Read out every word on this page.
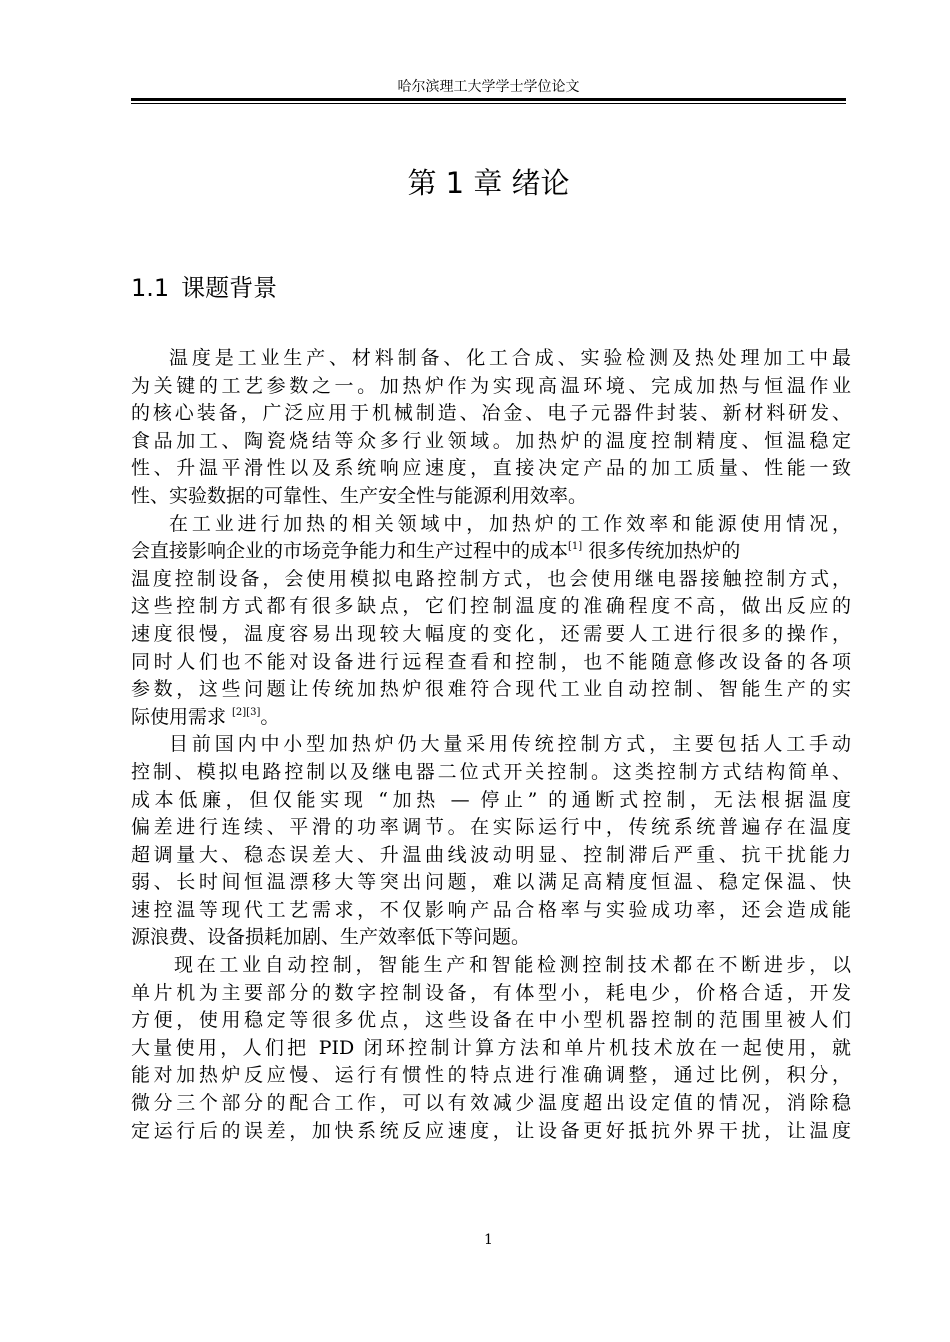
哈尔滨理工大学学士学位论文
第 1 章 绪论
1.1 课题背景
温度是工业生产、材料制备、化工合成、实验检测及热处理加工中最
为关键的工艺参数之一。加热炉作为实现高温环境、完成加热与恒温作业
的核心装备，广泛应用于机械制造、冶金、电子元器件封装、新材料研发、
食品加工、陶瓷烧结等众多行业领域。加热炉的温度控制精度、恒温稳定
性、升温平滑性以及系统响应速度，直接决定产品的加工质量、性能一致
性、实验数据的可靠性、生产安全性与能源利用效率。
在工业进行加热的相关领域中，加热炉的工作效率和能源使用情况，
会直接影响企业的市场竞争能力和生产过程中的成本[1] 很多传统加热炉的
温度控制设备，会使用模拟电路控制方式，也会使用继电器接触控制方式，
这些控制方式都有很多缺点，它们控制温度的准确程度不高，做出反应的
速度很慢，温度容易出现较大幅度的变化，还需要人工进行很多的操作，
同时人们也不能对设备进行远程查看和控制，也不能随意修改设备的各项
参数，这些问题让传统加热炉很难符合现代工业自动控制、智能生产的实
际使用需求 [2][3]。
目前国内中小型加热炉仍大量采用传统控制方式，主要包括人工手动
控制、模拟电路控制以及继电器二位式开关控制。这类控制方式结构简单、
成本低廉，但仅能实现 “加热 — 停止” 的通断式控制，无法根据温度
偏差进行连续、平滑的功率调节。在实际运行中，传统系统普遍存在温度
超调量大、稳态误差大、升温曲线波动明显、控制滞后严重、抗干扰能力
弱、长时间恒温漂移大等突出问题，难以满足高精度恒温、稳定保温、快
速控温等现代工艺需求，不仅影响产品合格率与实验成功率，还会造成能
源浪费、设备损耗加剧、生产效率低下等问题。
现在工业自动控制，智能生产和智能检测控制技术都在不断进步，以
单片机为主要部分的数字控制设备，有体型小，耗电少，价格合适，开发
方便，使用稳定等很多优点，这些设备在中小型机器控制的范围里被人们
大量使用，人们把 PID 闭环控制计算方法和单片机技术放在一起使用，就
能对加热炉反应慢、运行有惯性的特点进行准确调整，通过比例，积分，
微分三个部分的配合工作，可以有效减少温度超出设定值的情况，消除稳
定运行后的误差，加快系统反应速度，让设备更好抵抗外界干扰，让温度
1
